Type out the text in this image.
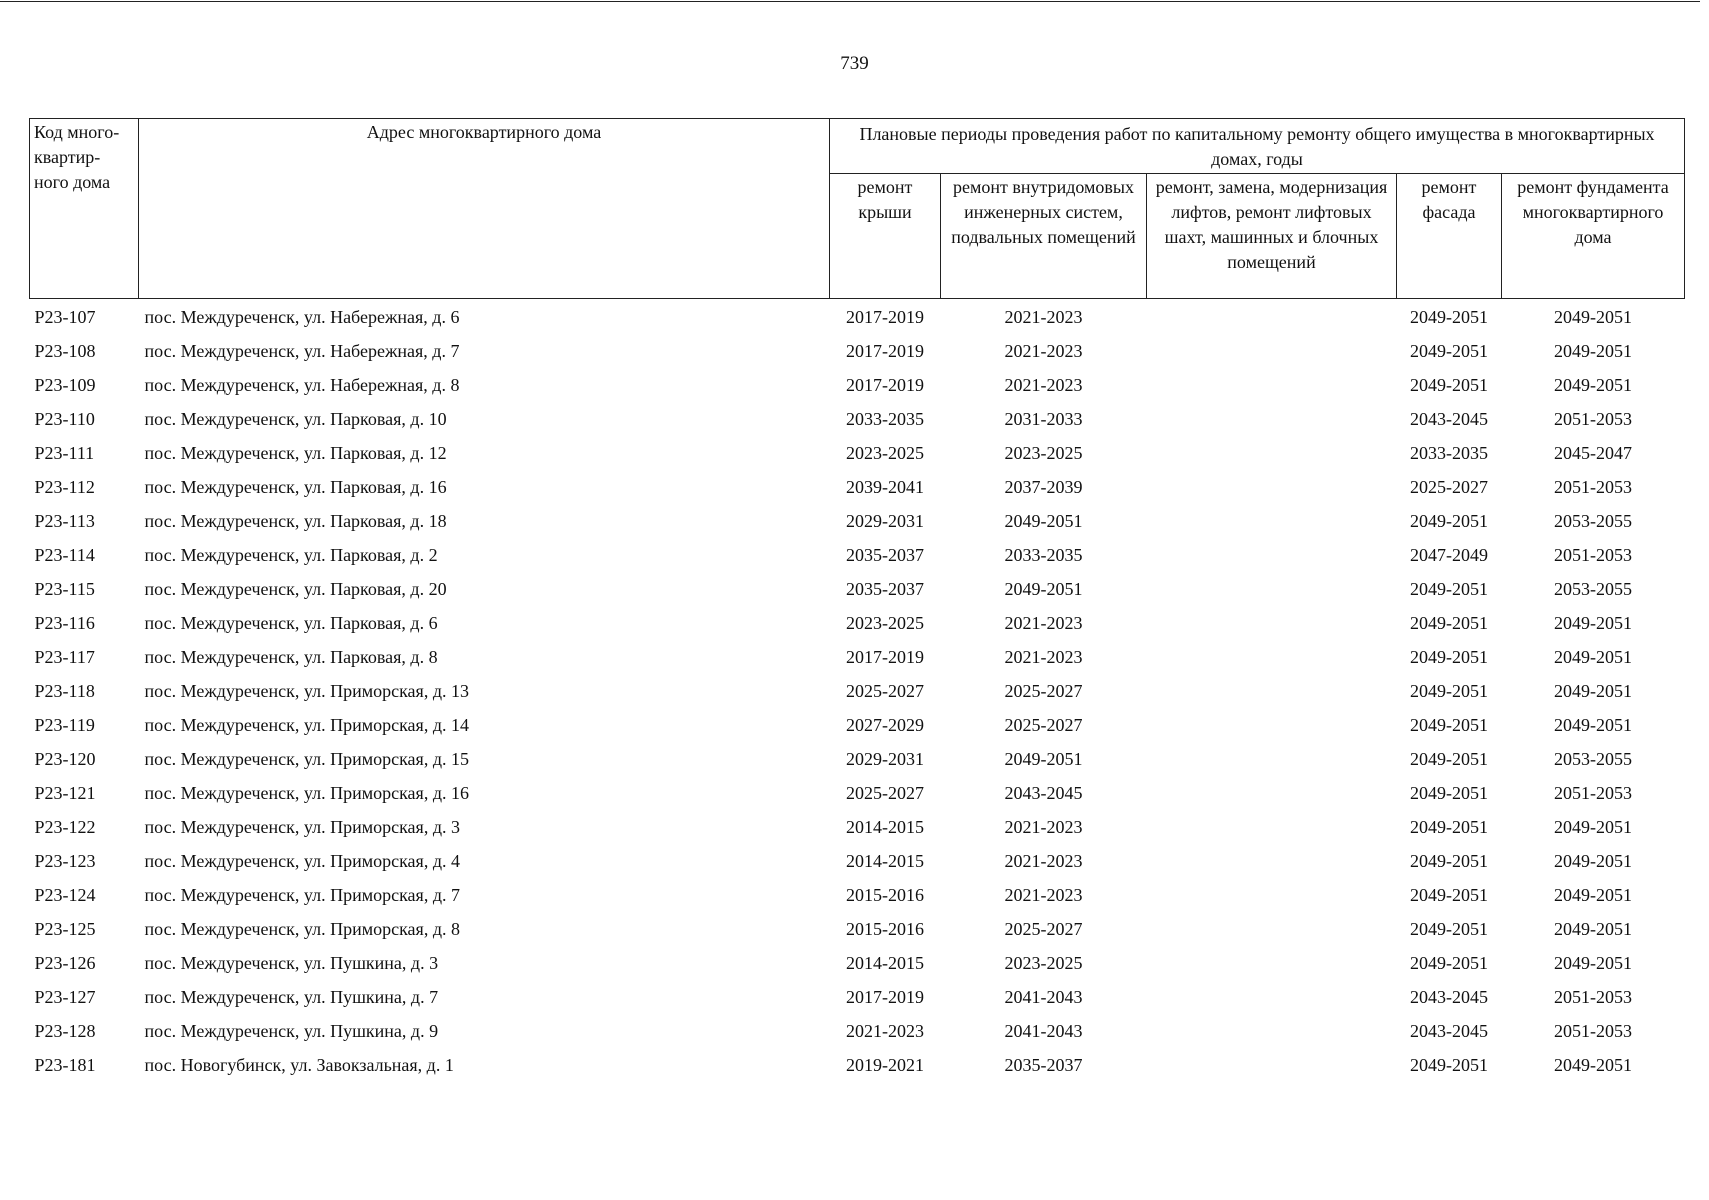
739
Код много-
квартир-
ного дома	Адрес многоквартирного дома	Плановые периоды проведения работ по капитальному ремонту общего имущества в многоквартирных домах, годы				
		ремонт крыши	ремонт внутридомовых инженерных систем, подвальных помещений	ремонт, замена, модернизация лифтов, ремонт лифтовых шахт, машинных и блочных помещений	ремонт фасада	ремонт фундамента многоквартирного дома
P23-107	пос. Междуреченск, ул. Набережная, д. 6	2017-2019	2021-2023		2049-2051	2049-2051
P23-108	пос. Междуреченск, ул. Набережная, д. 7	2017-2019	2021-2023		2049-2051	2049-2051
P23-109	пос. Междуреченск, ул. Набережная, д. 8	2017-2019	2021-2023		2049-2051	2049-2051
P23-110	пос. Междуреченск, ул. Парковая, д. 10	2033-2035	2031-2033		2043-2045	2051-2053
P23-111	пос. Междуреченск, ул. Парковая, д. 12	2023-2025	2023-2025		2033-2035	2045-2047
P23-112	пос. Междуреченск, ул. Парковая, д. 16	2039-2041	2037-2039		2025-2027	2051-2053
P23-113	пос. Междуреченск, ул. Парковая, д. 18	2029-2031	2049-2051		2049-2051	2053-2055
P23-114	пос. Междуреченск, ул. Парковая, д. 2	2035-2037	2033-2035		2047-2049	2051-2053
P23-115	пос. Междуреченск, ул. Парковая, д. 20	2035-2037	2049-2051		2049-2051	2053-2055
P23-116	пос. Междуреченск, ул. Парковая, д. 6	2023-2025	2021-2023		2049-2051	2049-2051
P23-117	пос. Междуреченск, ул. Парковая, д. 8	2017-2019	2021-2023		2049-2051	2049-2051
P23-118	пос. Междуреченск, ул. Приморская, д. 13	2025-2027	2025-2027		2049-2051	2049-2051
P23-119	пос. Междуреченск, ул. Приморская, д. 14	2027-2029	2025-2027		2049-2051	2049-2051
P23-120	пос. Междуреченск, ул. Приморская, д. 15	2029-2031	2049-2051		2049-2051	2053-2055
P23-121	пос. Междуреченск, ул. Приморская, д. 16	2025-2027	2043-2045		2049-2051	2051-2053
P23-122	пос. Междуреченск, ул. Приморская, д. 3	2014-2015	2021-2023		2049-2051	2049-2051
P23-123	пос. Междуреченск, ул. Приморская, д. 4	2014-2015	2021-2023		2049-2051	2049-2051
P23-124	пос. Междуреченск, ул. Приморская, д. 7	2015-2016	2021-2023		2049-2051	2049-2051
P23-125	пос. Междуреченск, ул. Приморская, д. 8	2015-2016	2025-2027		2049-2051	2049-2051
P23-126	пос. Междуреченск, ул. Пушкина, д. 3	2014-2015	2023-2025		2049-2051	2049-2051
P23-127	пос. Междуреченск, ул. Пушкина, д. 7	2017-2019	2041-2043		2043-2045	2051-2053
P23-128	пос. Междуреченск, ул. Пушкина, д. 9	2021-2023	2041-2043		2043-2045	2051-2053
P23-181	пос. Новогубинск, ул. Завокзальная, д. 1	2019-2021	2035-2037		2049-2051	2049-2051
